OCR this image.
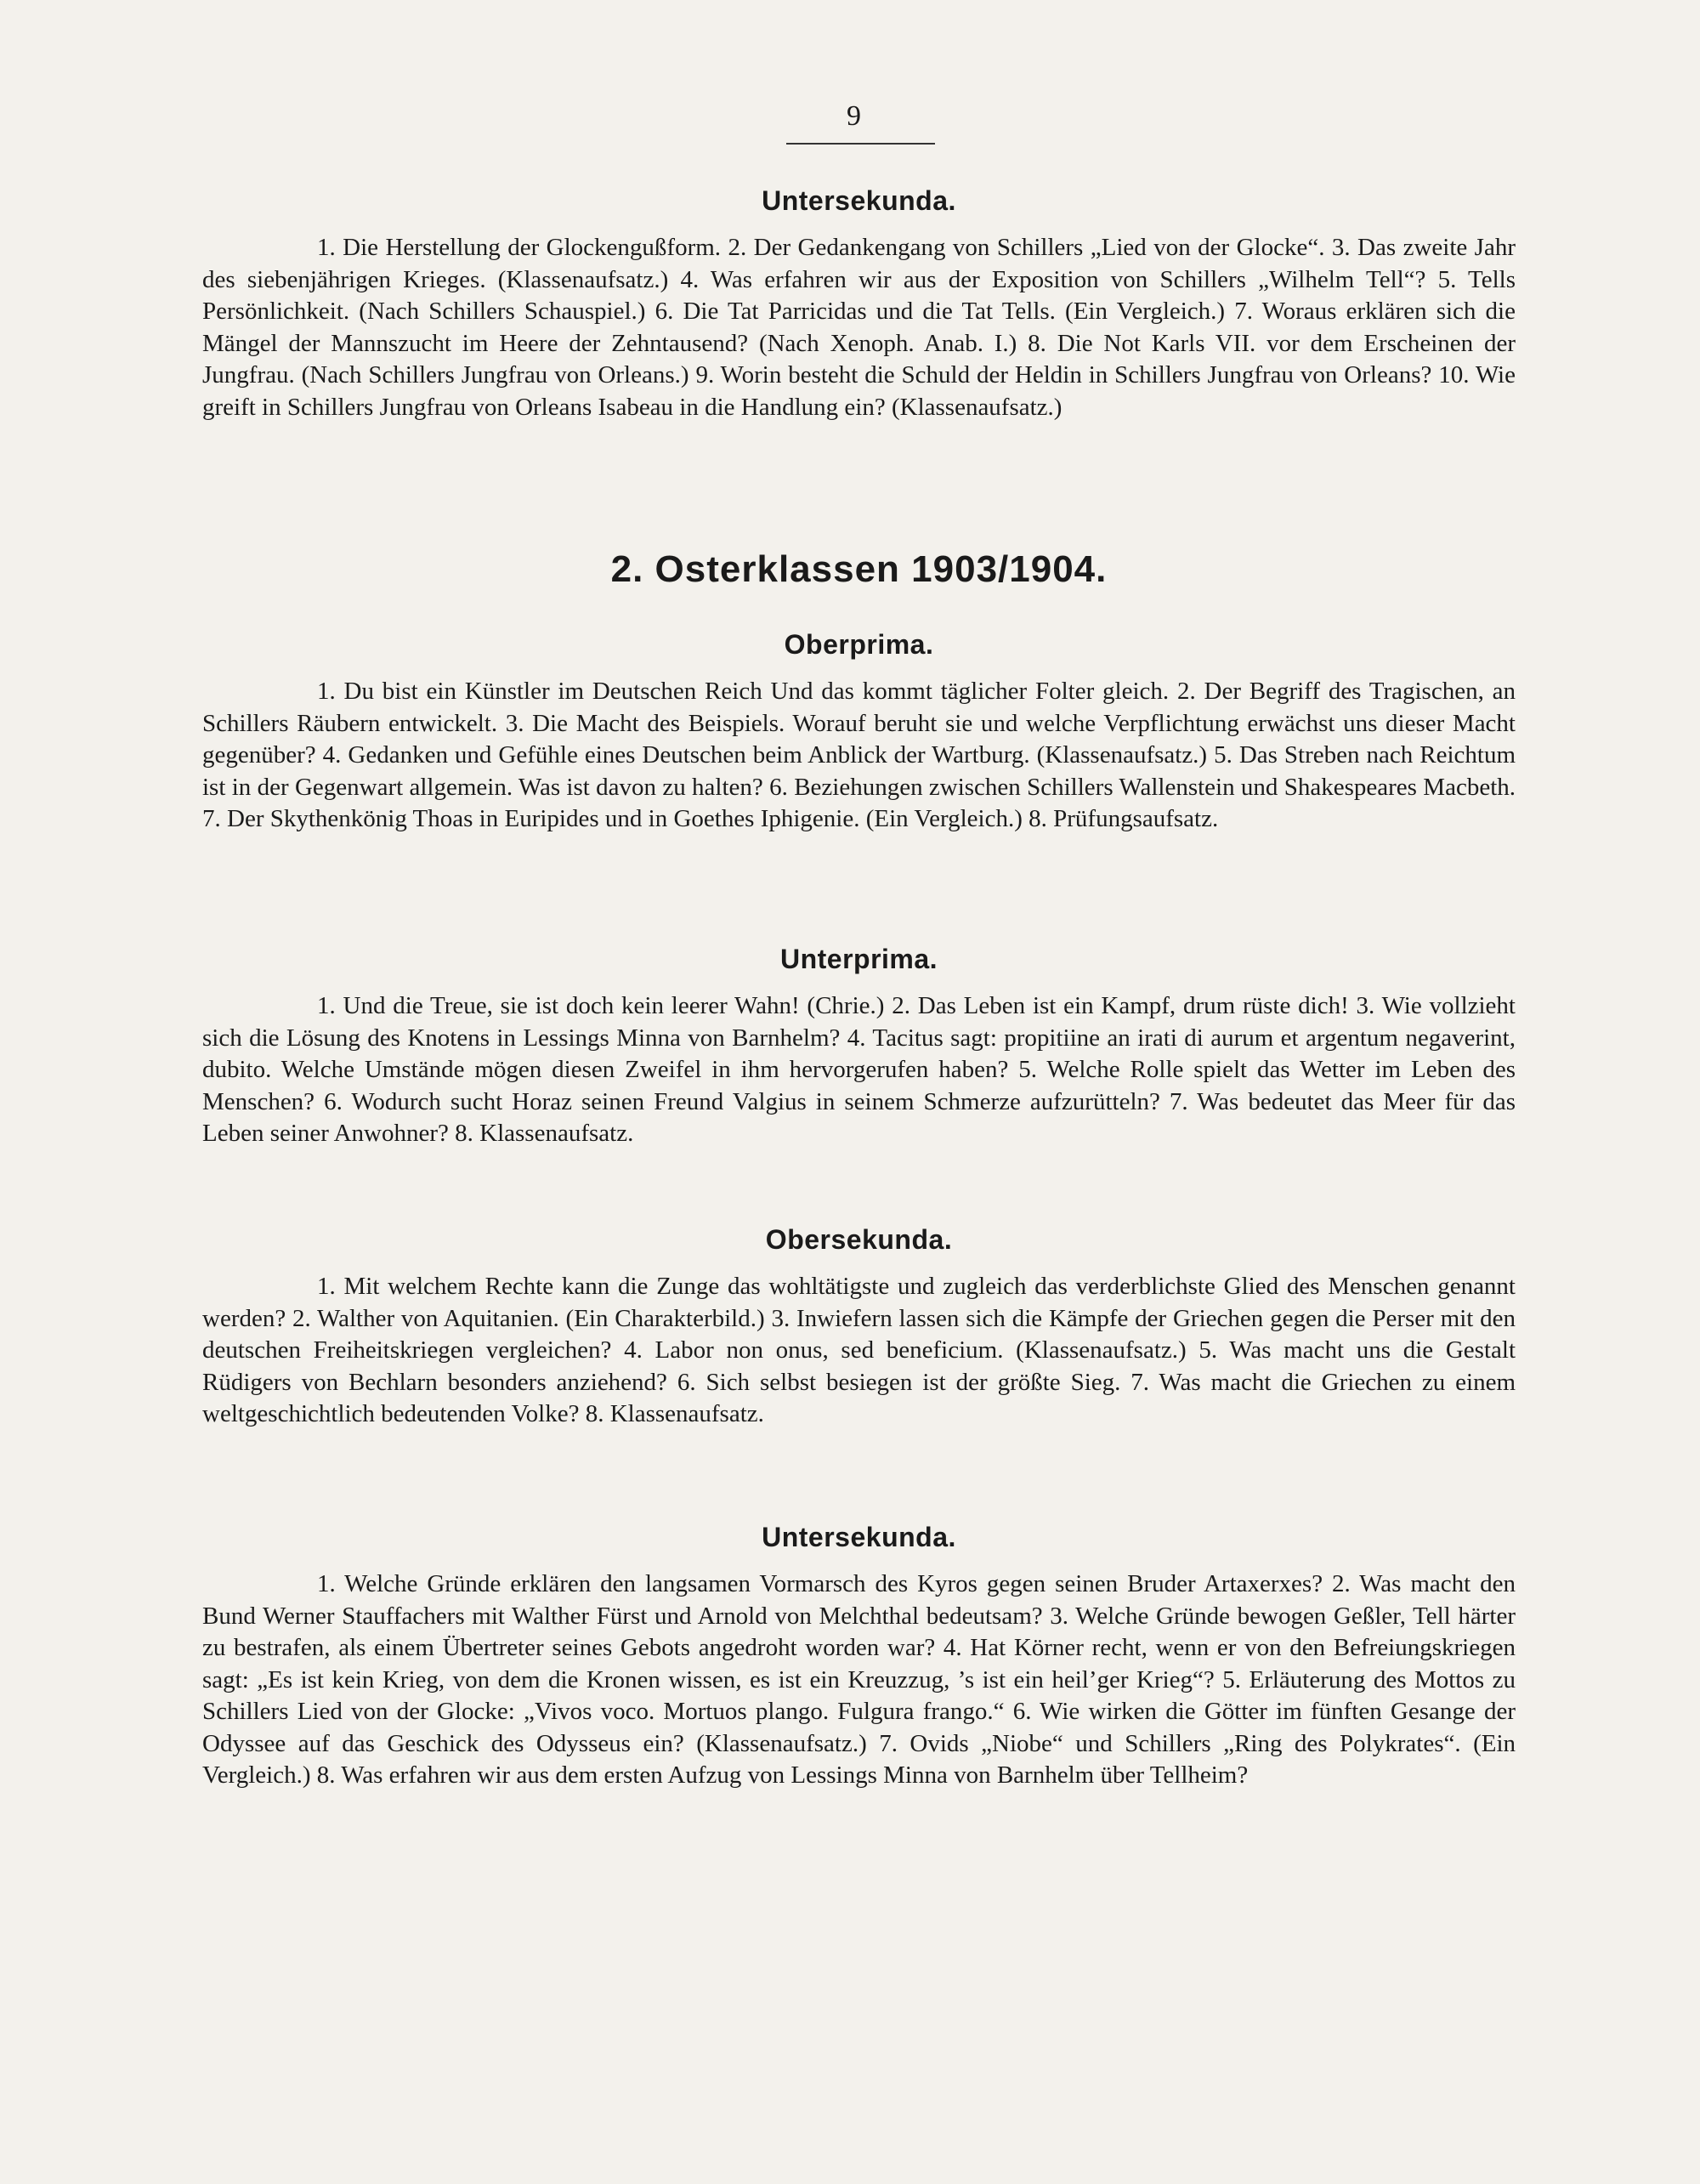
9
Untersekunda.

1. Die Herstellung der Glockengußform. 2. Der Gedankengang von Schillers „Lied von der Glocke“. 3. Das zweite Jahr des siebenjährigen Krieges. (Klassenaufsatz.) 4. Was erfahren wir aus der Exposition von Schillers „Wilhelm Tell“? 5. Tells Persönlichkeit. (Nach Schillers Schauspiel.) 6. Die Tat Parricidas und die Tat Tells. (Ein Vergleich.) 7. Woraus erklären sich die Mängel der Mannszucht im Heere der Zehntausend? (Nach Xenoph. Anab. I.) 8. Die Not Karls VII. vor dem Erscheinen der Jungfrau. (Nach Schillers Jungfrau von Orleans.) 9. Worin besteht die Schuld der Heldin in Schillers Jungfrau von Orleans? 10. Wie greift in Schillers Jungfrau von Orleans Isabeau in die Handlung ein? (Klassenaufsatz.)

2. Osterklassen 1903/1904.
Oberprima.

1. Du bist ein Künstler im Deutschen Reich Und das kommt täglicher Folter gleich. 2. Der Begriff des Tragischen, an Schillers Räubern entwickelt. 3. Die Macht des Beispiels. Worauf beruht sie und welche Verpflichtung erwächst uns dieser Macht gegenüber? 4. Gedanken und Gefühle eines Deutschen beim Anblick der Wartburg. (Klassenaufsatz.) 5. Das Streben nach Reichtum ist in der Gegenwart allgemein. Was ist davon zu halten? 6. Beziehungen zwischen Schillers Wallenstein und Shakespeares Macbeth. 7. Der Skythenkönig Thoas in Euripides und in Goethes Iphigenie. (Ein Vergleich.) 8. Prüfungsaufsatz.

Unterprima.

1. Und die Treue, sie ist doch kein leerer Wahn! (Chrie.) 2. Das Leben ist ein Kampf, drum rüste dich! 3. Wie vollzieht sich die Lösung des Knotens in Lessings Minna von Barnhelm? 4. Tacitus sagt: propitiine an irati di aurum et argentum negaverint, dubito. Welche Umstände mögen diesen Zweifel in ihm hervorgerufen haben? 5. Welche Rolle spielt das Wetter im Leben des Menschen? 6. Wodurch sucht Horaz seinen Freund Valgius in seinem Schmerze aufzurütteln? 7. Was bedeutet das Meer für das Leben seiner Anwohner? 8. Klassenaufsatz.

Obersekunda.

1. Mit welchem Rechte kann die Zunge das wohltätigste und zugleich das verderblichste Glied des Menschen genannt werden? 2. Walther von Aquitanien. (Ein Charakterbild.) 3. Inwiefern lassen sich die Kämpfe der Griechen gegen die Perser mit den deutschen Freiheitskriegen vergleichen? 4. Labor non onus, sed beneficium. (Klassenaufsatz.) 5. Was macht uns die Gestalt Rüdigers von Bechlarn besonders anziehend? 6. Sich selbst besiegen ist der größte Sieg. 7. Was macht die Griechen zu einem weltgeschichtlich bedeutenden Volke? 8. Klassenaufsatz.

Untersekunda.

1. Welche Gründe erklären den langsamen Vormarsch des Kyros gegen seinen Bruder Artaxerxes? 2. Was macht den Bund Werner Stauffachers mit Walther Fürst und Arnold von Melchthal bedeutsam? 3. Welche Gründe bewogen Geßler, Tell härter zu bestrafen, als einem Übertreter seines Gebots angedroht worden war? 4. Hat Körner recht, wenn er von den Befreiungskriegen sagt: „Es ist kein Krieg, von dem die Kronen wissen, es ist ein Kreuzzug, ’s ist ein heil’ger Krieg“? 5. Erläuterung des Mottos zu Schillers Lied von der Glocke: „Vivos voco. Mortuos plango. Fulgura frango.“ 6. Wie wirken die Götter im fünften Gesange der Odyssee auf das Geschick des Odysseus ein? (Klassenaufsatz.) 7. Ovids „Niobe“ und Schillers „Ring des Polykrates“. (Ein Vergleich.) 8. Was erfahren wir aus dem ersten Aufzug von Lessings Minna von Barnhelm über Tellheim?
